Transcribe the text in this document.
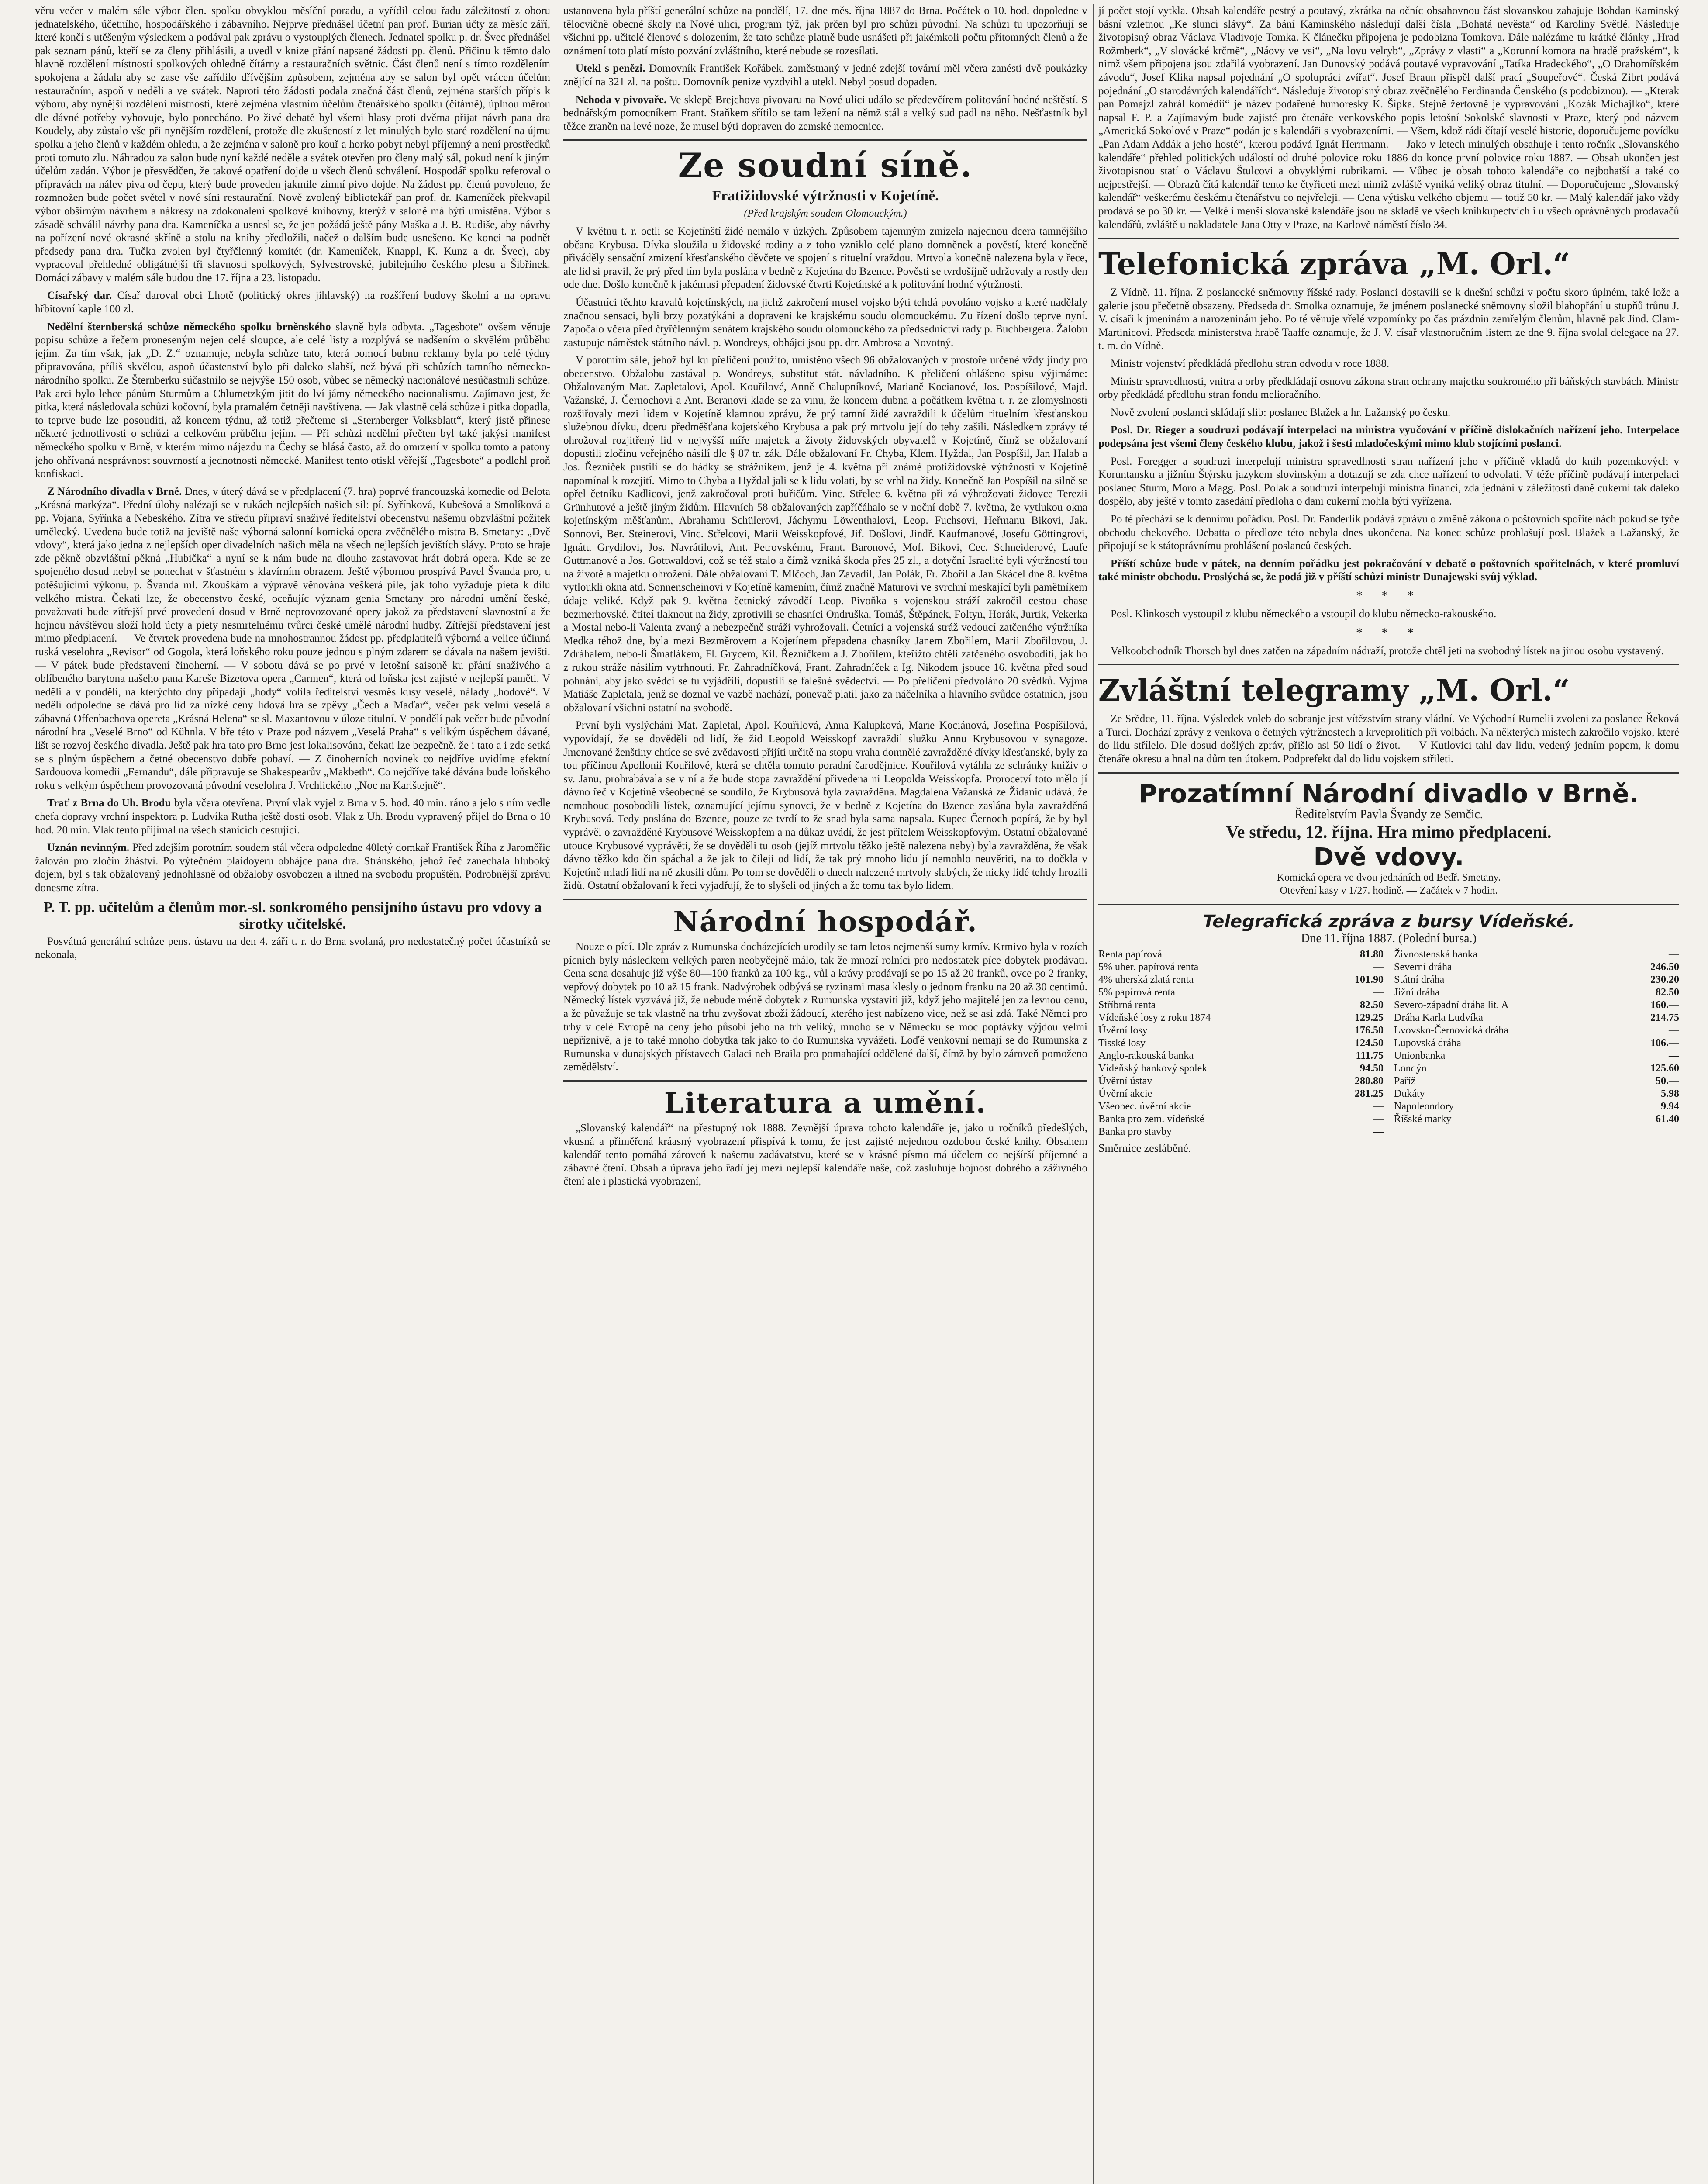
věru večer v malém sále výbor člen. spolku obvyklou měsíční poradu, a vyřídil celou řadu záležitostí z oboru jednatelského, účetního, hospodářského i zábavního. Nejprve přednášel účetní pan prof. Burian účty za měsíc září, které končí s utěšeným výsledkem a podával pak zprávu o vystouplých členech. Jednatel spolku p. dr. Švec přednášel pak seznam pánů, kteří se za členy přihlásili, a uvedl v knize přání napsané žádosti pp. členů. Přičinu k těmto dalo hlavně rozdělení místností spolkových ohledně čítárny a restauračních světnic. Část členů není s tímto rozdělením spokojena a žádala aby se zase vše zařídilo dřívějším způsobem, zejména aby se salon byl opět vrácen účelům restauračním, aspoň v neděli a ve svátek. Naproti této žádosti podala značná část členů, zejména starších přípis k výboru, aby nynější rozdělení místností, které zejména vlastním účelům čtenářského spolku (čítárně), úplnou měrou dle dávné potřeby vyhovuje, bylo ponecháno. Po živé debatě byl všemi hlasy proti dvěma přijat návrh pana dra Koudely, aby zůstalo vše při nynějším rozdělení, protože dle zkušeností z let minulých bylo staré rozdělení na újmu spolku a jeho členů v každém ohledu, a že zejména v saloně pro kouř a horko pobyt nebyl příjemný a není prostředků proti tomuto zlu. Náhradou za salon bude nyní každé neděle a svátek otevřen pro členy malý sál, pokud není k jiným účelům zadán. Výbor je přesvědčen, že takové opatření dojde u všech členů schválení. Hospodář spolku referoval o přípravách na nálev piva od čepu, který bude proveden jakmile zimní pivo dojde. Na žádost pp. členů povoleno, že rozmnožen bude počet světel v nové síni restaurační. Nově zvolený bibliotekář pan prof. dr. Kameníček překvapil výbor obšírným návrhem a nákresy na zdokonalení spolkové knihovny, kterýž v saloně má býti umístěna. Výbor s zásadě schválil návrhy pana dra. Kameníčka a usnesl se, že jen požádá ještě pány Maška a J. B. Rudiše, aby návrhy na pořízení nové okrasné skříně a stolu na knihy předložili, načež o dalším bude usnešeno. Ke konci na podnět předsedy pana dra. Tučka zvolen byl čtyřčlenný komitét (dr. Kameníček, Knappl, K. Kunz a dr. Švec), aby vypracoval přehledné obligátnéjší tři slavnosti spolkových, Sylvestrovské, jubilejního českého plesu a Šibřinek. Domácí zábavy v malém sále budou dne 17. října a 23. listopadu.

Císařský dar. Císař daroval obci Lhotě (politický okres jihlavský) na rozšíření budovy školní a na opravu hřbitovní kaple 100 zl.

Nedělní šternberská schůze německého spolku brněnského slavně byla odbyta. „Tagesbote“ ovšem věnuje popisu schůze a řečem proneseným nejen celé sloupce, ale celé listy a rozplývá se nadšením o skvělém průběhu jejím. Za tím však, jak „D. Z.“ oznamuje, nebyla schůze tato, která pomocí bubnu reklamy byla po celé týdny připravována, příliš skvělou, aspoň účastenství bylo při daleko slabší, než bývá při schůzích tamního německo-národního spolku. Ze Šternberku súčastnilo se nejvýše 150 osob, vůbec se německý nacionálové nesúčastnili schůze. Pak arci bylo lehce pánům Sturmům a Chlumetzkým jitit do lví jámy německého nacionalismu. Zajímavo jest, že pitka, která následovala schůzi kočovní, byla pramalém četněji navštívena. — Jak vlastně celá schůze i pitka dopadla, to teprve bude lze posouditi, až koncem týdnu, až totiž přečteme si „Sternberger Volksblatt“, který jistě přinese některé jednotlivosti o schůzi a celkovém průběhu jejím. — Při schůzi nedělní přečten byl také jakýsi manifest německého spolku v Brně, v kterém mimo nájezdu na Čechy se hlásá často, až do omrzení v spolku tomto a patony jeho ohřívaná nesprávnost souvrností a jednotnosti německé. Manifest tento otiskl věřejší „Tagesbote“ a podlehl proň konfiskaci.

Z Národního divadla v Brně. Dnes, v úterý dává se v předplacení (7. hra) poprvé francouzská komedie od Belota „Krásná markýza“. Přední úlohy nalézají se v rukách nejlepších našich sil: pí. Syřínková, Kubešová a Smolíková a pp. Vojana, Syřínka a Nebeského. Zítra ve středu připraví snaživé ředitelství obecenstvu našemu obzvláštní požitek umělecký. Uvedena bude totiž na jeviště naše výborná salonní komická opera zvěčnělého mistra B. Smetany: „Dvě vdovy“, která jako jedna z nejlepších oper divadelních našich měla na všech nejlepších jevištích slávy. Proto se hraje zde pěkně obzvláštní pěkná „Hubička“ a nyní se k nám bude na dlouho zastavovat hrát dobrá opera. Kde se ze spojeného dosud nebyl se ponechat v šťastném s klavírním obrazem. Ještě výbornou prospívá Pavel Švanda pro, u potěšujícími výkonu, p. Švanda ml. Zkouškám a výpravě věnována veškerá píle, jak toho vyžaduje pieta k dílu velkého mistra. Čekati lze, že obecenstvo české, oceňujíc význam genia Smetany pro národní umění české, považovati bude zítřejší prvé provedení dosud v Brně neprovozované opery jakož za představení slavnostní a že hojnou návštěvou složí hold úcty a piety nesmrtelnému tvůrci české umělé národní hudby. Zítřejší představení jest mimo předplacení. — Ve čtvrtek provedena bude na mnohostrannou žádost pp. předplatitelů výborná a velice účinná ruská veselohra „Revisor“ od Gogola, která loňského roku pouze jednou s plným zdarem se dávala na našem jevišti. — V pátek bude představení činoherní. — V sobotu dává se po prvé v letošní saisoně ku přání snaživého a oblíbeného barytona našeho pana Kareše Bizetova opera „Carmen“, která od loňska jest zajisté v nejlepší paměti. V neděli a v pondělí, na kterýchto dny připadají „hody“ volila ředitelství vesměs kusy veselé, nálady „hodové“. V neděli odpoledne se dává pro lid za nízké ceny lidová hra se zpěvy „Čech a Maďar“, večer pak velmi veselá a zábavná Offenbachova opereta „Krásná Helena“ se sl. Maxantovou v úloze titulní. V pondělí pak večer bude původní národní hra „Veselé Brno“ od Kühnla. V bře této v Praze pod názvem „Veselá Praha“ s velikým úspěchem dávané, lišt se rozvoj českého divadla. Ještě pak hra tato pro Brno jest lokalisována, čekati lze bezpečně, že i tato a i zde setká se s plným úspěchem a četné obecenstvo dobře pobaví. — Z činoherních novinek co nejdříve uvidíme efektní Sardouova komedii „Fernandu“, dále připravuje se Shakespearův „Makbeth“. Co nejdříve také dávána bude loňského roku s velkým úspěchem provozovaná původní veselohra J. Vrchlického „Noc na Karlštejně“.

Trať z Brna do Uh. Brodu byla včera otevřena. První vlak vyjel z Brna v 5. hod. 40 min. ráno a jelo s ním vedle chefa dopravy vrchní inspektora p. Ludvíka Rutha ještě dosti osob. Vlak z Uh. Brodu vypravený přijel do Brna o 10 hod. 20 min. Vlak tento přijímal na všech stanicích cestující.

Uznán nevinným. Před zdejším porotním soudem stál včera odpoledne 40letý domkař František Říha z Jaroměřic žalován pro zločin žháství. Po výtečném plaidoyeru obhájce pana dra. Stránského, jehož řeč zanechala hluboký dojem, byl s tak obžalovaný jednohlasně od obžaloby osvobozen a ihned na svobodu propuštěn. Podrobnější zprávu donesme zítra.

P. T. pp. učitelům a členům mor.-sl. sonkromého pensijního ústavu pro vdovy a sirotky učitelské.

Posvátná generální schůze pens. ústavu na den 4. září t. r. do Brna svolaná, pro nedostatečný počet účastníků se nekonala,

ustanovena byla příští generální schůze na pondělí, 17. dne měs. října 1887 do Brna. Počátek o 10. hod. dopoledne v tělocvičně obecné školy na Nové ulici, program týž, jak prčen byl pro schůzi původní. Na schůzi tu upozorňují se všichni pp. učitelé členové s dolozením, že tato schůze platně bude usnášeti při jakémkoli počtu přítomných členů a že oznámení toto platí místo pozvání zvláštního, které nebude se rozesílati.

Utekl s penězi. Domovník František Kořábek, zaměstnaný v jedné zdejší tovární měl včera zanésti dvě poukázky znějící na 321 zl. na poštu. Domovník penize vyzdvihl a utekl. Nebyl posud dopaden.

Nehoda v pivovaře. Ve sklepě Brejchova pivovaru na Nové ulici událo se předevčírem politování hodné neštěstí. S bednářským pomocníkem Frant. Staňkem sřítilo se tam ležení na němž stál a velký sud padl na něho. Nešťastník byl těžce zraněn na levé noze, že musel býti dopraven do zemské nemocnice.

Ze soudní síně.
Fratižidovské výtržnosti v Kojetíně.

(Před krajským soudem Olomouckým.)

V květnu t. r. octli se Kojetínští židé nemálo v úzkých. Způsobem tajemným zmizela najednou dcera tamnějšího občana Krybusa. Dívka sloužila u židovské rodiny a z toho vzniklo celé plano domněnek a pověstí, které konečně přiváděly sensační zmizení křesťanského děvčete ve spojení s rituelní vraždou. Mrtvola konečně nalezena byla v řece, ale lid si pravil, že prý před tím byla poslána v bedně z Kojetína do Bzence. Pověsti se tvrdošíjně udržovaly a rostly den ode dne. Došlo konečně k jakémusi přepadení židovské čtvrti Kojetínské a k politování hodné výtržnosti.

Účastníci těchto kravalů kojetínských, na jichž zakročení musel vojsko býti tehdá povoláno vojsko a které nadělaly značnou sensaci, byli brzy pozatýkáni a dopraveni ke krajskému soudu olomouckému. Zu řízení došlo teprve nyní. Započalo včera před čtyřčlenným senátem krajského soudu olomouckého za předsednictví rady p. Buchbergera. Žalobu zastupuje náměstek státního návl. p. Wondreys, obhájci jsou pp. drr. Ambrosa a Novotný.

V porotním sále, jehož byl ku přeličení použito, umístěno všech 96 obžalovaných v prostoře určené vždy jindy pro obecenstvo. Obžalobu zastával p. Wondreys, substitut stát. návladního. K přeličení ohlášeno spisu výjimáme: Obžalovaným Mat. Zapletalovi, Apol. Kouřilové, Anně Chalupníkové, Marianě Kocianové, Jos. Pospíšilové, Majd. Važanské, J. Černochovi a Ant. Beranovi klade se za vinu, že koncem dubna a počátkem května t. r. ze zlomyslnosti rozšiřovaly mezi lidem v Kojetíně klamnou zprávu, že prý tamní židé zavraždili k účelům rituelním křesťanskou služebnou dívku, dceru předměšťana kojetského Krybusa a pak prý mrtvolu její do tehy zašili. Následkem zprávy té ohrožoval rozjitřený lid v nejvyšší míře majetek a životy židovských obyvatelů v Kojetíně, čímž se obžalovaní dopustili zločinu veřejného násilí dle § 87 tr. zák. Dále obžalovaní Fr. Chyba, Klem. Hyždal, Jan Pospíšil, Jan Halab a Jos. Řezníček pustili se do hádky se strážníkem, jenž je 4. května při známé protižidovské výtržnosti v Kojetíně napomínal k rozejití. Mimo to Chyba a Hyždal jali se k lidu volati, by se vrhl na židy. Konečně Jan Pospíšil na silně se opřel četníku Kadlicovi, jenž zakročoval proti buřičům. Vinc. Střelec 6. května při zá výhrožovati židovce Terezii Grünhutové a ještě jiným židům. Hlavních 58 obžalovaných zapříčáhalo se v noční době 7. května, že vytlukou okna kojetínským měšťanům, Abrahamu Schülerovi, Jáchymu Löwenthalovi, Leop. Fuchsovi, Heřmanu Bikovi, Jak. Sonnovi, Ber. Steinerovi, Vinc. Střelcovi, Marii Weisskopfové, Jif. Došlovi, Jindř. Kaufmanové, Josefu Göttingrovi, Ignátu Grydilovi, Jos. Navrátilovi, Ant. Petrovskému, Frant. Baronové, Mof. Bikovi, Cec. Schneiderové, Laufe Guttmanové a Jos. Gottwaldovi, což se též stalo a čímž vzniká škoda přes 25 zl., a dotyční Israelité byli výtržností tou na životě a majetku ohrožení. Dále obžalovaní T. Mlčoch, Jan Zavadil, Jan Polák, Fr. Zbořil a Jan Skácel dne 8. května vytloukli okna atd. Sonnenscheinovi v Kojetíně kamením, čímž značně Maturovi ve svrchní meskající byli pamětníkem údaje veliké. Když pak 9. května četnický závodčí Leop. Pivoňka s vojenskou stráží zakročil cestou chase bezmerhovské, čtiteí tlaknout na židy, zprotivili se chasníci Ondruška, Tomáš, Štěpánek, Foltyn, Horák, Jurtik, Vekerka a Mostal nebo-li Valenta zvaný a nebezpečně stráži vyhrožovali. Četníci a vojenská stráž vedoucí zatčeného výtržníka Medka téhož dne, byla mezi Bezměrovem a Kojetínem přepadena chasníky Janem Zbořilem, Marii Zbořilovou, J. Zdráhalem, nebo-li Šmatlákem, Fl. Grycem, Kil. Řezníčkem a J. Zbořilem, kteřížto chtěli zatčeného osvoboditi, jak ho z rukou stráže násilím vytrhnouti. Fr. Zahradníčková, Frant. Zahradníček a Ig. Nikodem jsouce 16. května před soud pohnáni, aby jako svědci se tu vyjádřili, dopustili se falešné svědectví. — Po přelíčení předvoláno 20 svědků. Vyjma Matiáše Zapletala, jenž se doznal ve vazbě nachází, ponevač platil jako za náčelníka a hlavního svůdce ostatních, jsou obžalovaní všichni ostatní na svobodě.

První byli vyslýcháni Mat. Zapletal, Apol. Kouřilová, Anna Kalupková, Marie Kociánová, Josefina Pospíšilová, vypovídají, že se dověděli od lidí, že žid Leopold Weisskopf zavraždil služku Annu Krybusovou v synagoze. Jmenované ženštiny chtíce se své zvědavosti přijíti určitě na stopu vraha domnělé zavražděné dívky křesťanské, byly za tou příčinou Apollonii Kouřilové, která se chtěla tomuto poradní čarodějnice. Kouřilová vytáhla ze schránky kniživ o sv. Janu, prohrabávala se v ní a že bude stopa zavraždění přivedena ni Leopolda Weisskopfa. Prorocetví toto mělo jí dávno řeč v Kojetíně všeobecné se soudilo, že Krybusová byla zavražděna. Magdalena Važanská ze Židanic udává, že nemohouc posobodili lístek, oznamující jejímu synovci, že v bedně z Kojetína do Bzence zaslána byla zavražděná Krybusová. Tedy poslána do Bzence, pouze ze tvrdí to že snad byla sama napsala. Kupec Černoch popírá, že by byl vyprávěl o zavražděné Krybusové Weisskopfem a na důkaz uvádí, že jest přítelem Weisskopfovým. Ostatní obžalované utouce Krybusové vyprávěti, že se dověděli tu osob (jejíž mrtvolu těžko ještě nalezena neby) byla zavražděna, že však dávno těžko kdo čin spáchal a že jak to čileji od lidí, že tak prý mnoho lidu jí nemohlo neuvěriti, na to dočkla v Kojetíně mladí lidí na ně zkusili dům. Po tom se dověděli o dnech nalezené mrtvoly slabých, že nicky lidé tehdy hrozili židů. Ostatní obžalovaní k řeci vyjadřují, že to slyšeli od jiných a že tomu tak bylo lidem.

Národní hospodář.

Nouze o pící. Dle zpráv z Rumunska docházejících urodily se tam letos nejmenší sumy krmív. Krmivo byla v rozích pícnich byly následkem velkých paren neobyčejně málo, tak že mnozí rolníci pro nedostatek píce dobytek prodávati. Cena sena dosahuje již výše 80—100 franků za 100 kg., vůl a krávy prodávají se po 15 až 20 franků, ovce po 2 franky, vepřový dobytek po 10 až 15 frank. Nadvýrobek odbývá se ryzinami masa klesly o jednom franku na 20 až 30 centimů. Německý lístek vyzvává již, že nebude méně dobytek z Rumunska vystaviti již, když jeho majitelé jen za levnou cenu, a že půvažuje se tak vlastně na trhu zvyšovat zboží žádoucí, kterého jest nabízeno vice, než se asi zdá. Také Němci pro trhy v celé Evropě na ceny jeho působí jeho na trh veliký, mnoho se v Německu se moc poptávky výjdou velmi nepříznivě, a je to také mnoho dobytka tak jako to do Rumunska vyvážeti. Loďě venkovní nemají se do Rumunska z Rumunska v dunajských přístavech Galaci neb Braila pro pomahající oddělené další, čímž by bylo zároveň pomoženo zemědělství.

Literatura a umění.

„Slovanský kalendář“ na přestupný rok 1888. Zevnější úprava tohoto kalendáře je, jako u ročníků předešlých, vkusná a přiměřená kráasný vyobrazení přispívá k tomu, že jest zajisté nejednou ozdobou české knihy. Obsahem kalendář tento pomáhá zároveň k našemu zadávatstvu, které se v krásné písmo má účelem co nejšírší příjemné a zábavné čtení. Obsah a úprava jeho řadí jej mezi nejlepší kalendáře naše, což zasluhuje hojnost dobrého a záživného čtení ale i plastická vyobrazení,

jí počet stojí vytkla. Obsah kalendáře pestrý a poutavý, zkrátka na očníc obsahovnou část slovanskou zahajuje Bohdan Kaminský básní vzletnou „Ke slunci slávy“. Za bání Kaminského následují další čísla „Bohatá nevěsta“ od Karoliny Světlé. Následuje životopisný obraz Václava Vladivoje Tomka. K článečku připojena je podobizna Tomkova. Dále nalézáme tu krátké články „Hrad Rožmberk“, „V slovácké krčmě“, „Náovy ve vsi“, „Na lovu velryb“, „Zprávy z vlasti“ a „Korunní komora na hradě pražském“, k nimž všem připojena jsou zdařilá vyobrazení. Jan Dunovský podává poutavé vypravování „Tatíka Hradeckého“, „O Drahomířském závodu“, Josef Klika napsal pojednání „O spolupráci zvířat“. Josef Braun přispěl další prací „Soupeřové“. Česká Zibrt podává pojednání „O starodávných kalendářích“. Následuje životopisný obraz zvěčnělého Ferdinanda Čenského (s podobiznou). — „Kterak pan Pomajzl zahrál komédii“ je název podařené humoresky K. Šípka. Stejně žertovně je vypravování „Kozák Michajlko“, které napsal F. P. a Zajímavým bude zajisté pro čtenáře venkovského popis letošní Sokolské slavnosti v Praze, který pod názvem „Americká Sokolové v Praze“ podán je s kalendáři s vyobrazeními. — Všem, kdož rádi čítají veselé historie, doporučujeme povídku „Pan Adam Addák a jeho hosté“, kterou podává Ignát Herrmann. — Jako v letech minulých obsahuje i tento ročník „Slovanského kalendáře“ přehled politických událostí od druhé polovice roku 1886 do konce první polovice roku 1887. — Obsah ukončen jest životopisnou statí o Václavu Štulcovi a obvyklými rubrikami. — Vůbec je obsah tohoto kalendáře co nejbohatší a také co nejpestřejší. — Obrazů čítá kalendář tento ke čtyřiceti mezi nimiž zvláště vyniká veliký obraz titulní. — Doporučujeme „Slovanský kalendář“ veškerému českému čtenářstvu co nejvřeleji. — Cena výtisku velkého objemu — totiž 50 kr. — Malý kalendář jako vždy prodává se po 30 kr. — Velké i menší slovanské kalendáře jsou na skladě ve všech knihkupectvích i u všech oprávněných prodavačů kalendářů, zvláště u nakladatele Jana Otty v Praze, na Karlově náměstí číslo 34.

Telefonická zpráva „M. Orl.“

Z Vídně, 11. října. Z poslanecké sněmovny říšské rady. Poslanci dostavili se k dnešní schůzi v počtu skoro úplném, také lože a galerie jsou přečetně obsazeny. Předseda dr. Smolka oznamuje, že jménem poslanecké sněmovny složil blahopřání u stupňů trůnu J. V. císaři k jmeninám a narozeninám jeho. Po té věnuje vřelé vzpomínky po čas prázdnin zemřelým členům, hlavně pak Jind. Clam-Martinicovi. Předseda ministerstva hrabě Taaffe oznamuje, že J. V. císař vlastnoručním listem ze dne 9. října svolal delegace na 27. t. m. do Vídně.

Ministr vojenství předkládá předlohu stran odvodu v roce 1888.

Ministr spravedlnosti, vnitra a orby předkládají osnovu zákona stran ochrany majetku soukromého při báňských stavbách. Ministr orby předkládá předlohu stran fondu melioračního.

Nově zvolení poslanci skládají slib: poslanec Blažek a hr. Lažanský po česku.

Posl. Dr. Rieger a soudruzi podávají interpelaci na ministra vyučování v příčině dislokačních nařízení jeho. Interpelace podepsána jest všemi členy českého klubu, jakož i šesti mladočeskými mimo klub stojícími poslanci.

Posl. Foregger a soudruzi interpelují ministra spravedlnosti stran nařízení jeho v příčině vkladů do knih pozemkových v Koruntansku a jižním Štýrsku jazykem slovinským a dotazují se zda chce nařízení to odvolati. V téže příčině podávají interpelaci poslanec Sturm, Moro a Magg. Posl. Polak a soudruzi interpelují ministra financí, zda jednání v záležitosti daně cukerní tak daleko dospělo, aby ještě v tomto zasedání předloha o dani cukerní mohla býti vyřízena.

Po té přechází se k dennímu pořádku. Posl. Dr. Fanderlík podává zprávu o změně zákona o poštovních spořitelnách pokud se týče obchodu chekového. Debatta o předloze této nebyla dnes ukončena. Na konec schůze prohlašují posl. Blažek a Lažanský, že připojují se k státoprávnímu prohlášení poslanců českých.

Příští schůze bude v pátek, na denním pořádku jest pokračování v debatě o poštovních spořitelnách, v které promluví také ministr obchodu. Proslýchá se, že podá již v příští schůzi ministr Dunajewski svůj výklad.

* * *

Posl. Klinkosch vystoupil z klubu německého a vstoupil do klubu německo-rakouského.

* * *

Velkoobchodník Thorsch byl dnes zatčen na západním nádraží, protože chtěl jeti na svobodný lístek na jinou osobu vystavený.

Zvláštní telegramy „M. Orl.“

Ze Srědce, 11. října. Výsledek voleb do sobranje jest vítězstvím strany vládní. Ve Východní Rumelii zvoleni za poslance Řeková a Turci. Dochází zprávy z venkova o četných výtržnostech a krveprolitích při volbách. Na některých místech zakročilo vojsko, které do lidu střílelo. Dle dosud došlých zpráv, přišlo asi 50 lidí o život. — V Kutlovici tahl dav lidu, vedený jedním popem, k domu čtenáře okresu a hnal na dům ten útokem. Podprefekt dal do lidu vojskem střileti.

Prozatímní Národní divadlo v Brně.
Ředitelstvím Pavla Švandy ze Semčic.
Ve středu, 12. října. Hra mimo předplacení.
Dvě vdovy.
Komická opera ve dvou jednáních od Bedř. Smetany.
Otevření kasy v 1/27. hodině. — Začátek v 7 hodin.
Telegrafická zpráva z bursy Vídeňské.
Dne 11. října 1887. (Polední bursa.)
Renta papírová	81.80
5% uher. papírová renta	—
4% uherská zlatá renta	101.90
5% papírová renta	—
Stříbrná renta	82.50
Vídeňské losy z roku 1874	129.25
Úvěrní losy	176.50
Tisské losy	124.50
Anglo-rakouská banka	111.75
Vídeňský bankový spolek	94.50
Úvěrní ústav	280.80
Úvěrní akcie	281.25
Všeobec. úvěrní akcie	—
Banka pro zem. vídeňské	—
Banka pro stavby	—
Živnostenská banka	—
Severní dráha	246.50
Státní dráha	230.20
Jižní dráha	82.50
Severo-západní dráha lit. A	160.—
Dráha Karla Ludvíka	214.75
Lvovsko-Černovická dráha	—
Lupovská dráha	106.—
Unionbanka	—
Londýn	125.60
Paříž	50.—
Dukáty	5.98
Napoleondory	9.94
Říšské marky	61.40
Směrnice zesláběné.
